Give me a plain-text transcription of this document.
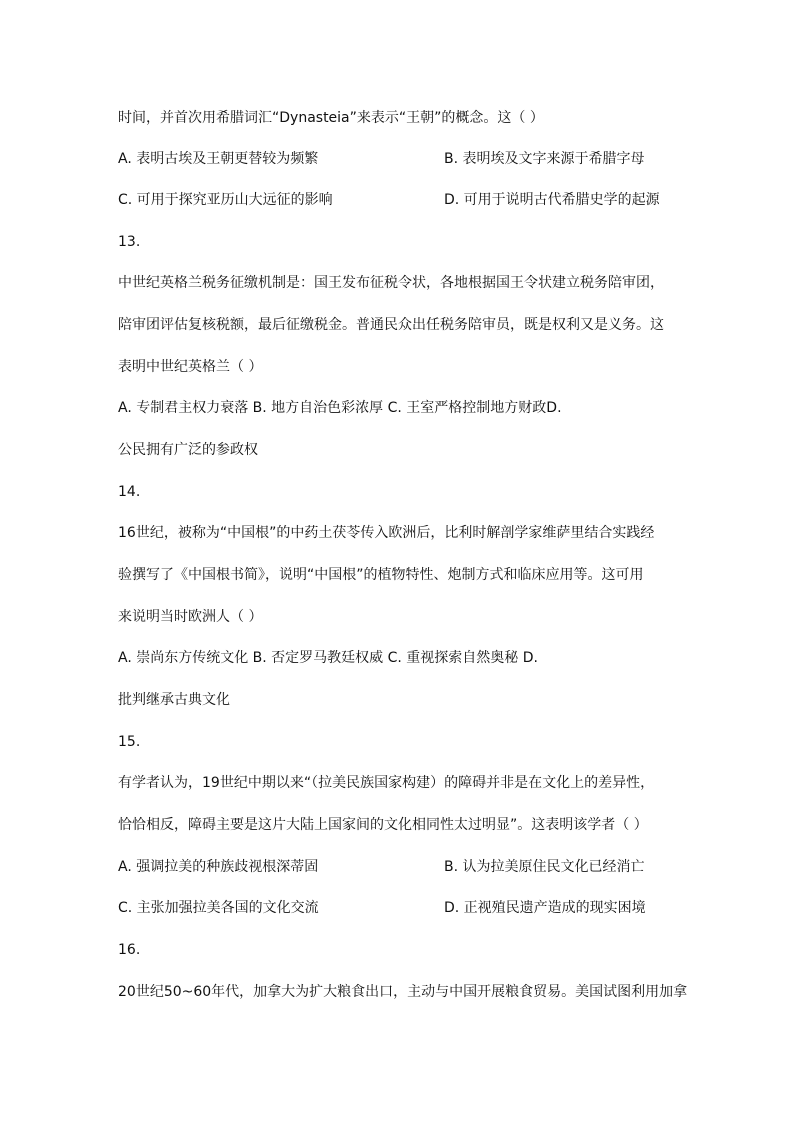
时间，并首次用希腊词汇“Dynasteia”来表示“王朝”的概念。这（ ）
A. 表明古埃及王朝更替较为频繁	B. 表明埃及文字来源于希腊字母
C. 可用于探究亚历山大远征的影响	D. 可用于说明古代希腊史学的起源
13.
中世纪英格兰税务征缴机制是：国王发布征税令状，各地根据国王令状建立税务陪审团，
陪审团评估复核税额，最后征缴税金。普通民众出任税务陪审员，既是权利又是义务。这
表明中世纪英格兰（ ）
A. 专制君主权力衰落 B. 地方自治色彩浓厚 C. 王室严格控制地方财政D.
公民拥有广泛的参政权
14.
16世纪，被称为“中国根”的中药土茯苓传入欧洲后，比利时解剖学家维萨里结合实践经
验撰写了《中国根书简》，说明“中国根”的植物特性、炮制方式和临床应用等。这可用
来说明当时欧洲人（ ）
A. 崇尚东方传统文化 B. 否定罗马教廷权威 C. 重视探索自然奥秘 D.
批判继承古典文化
15.
有学者认为，19世纪中期以来“（拉美民族国家构建）的障碍并非是在文化上的差异性，
恰恰相反，障碍主要是这片大陆上国家间的文化相同性太过明显”。这表明该学者（ ）
A. 强调拉美的种族歧视根深蒂固	B. 认为拉美原住民文化已经消亡
C. 主张加强拉美各国的文化交流	D. 正视殖民遗产造成的现实困境
16.
20世纪50~60年代，加拿大为扩大粮食出口，主动与中国开展粮食贸易。美国试图利用加拿
